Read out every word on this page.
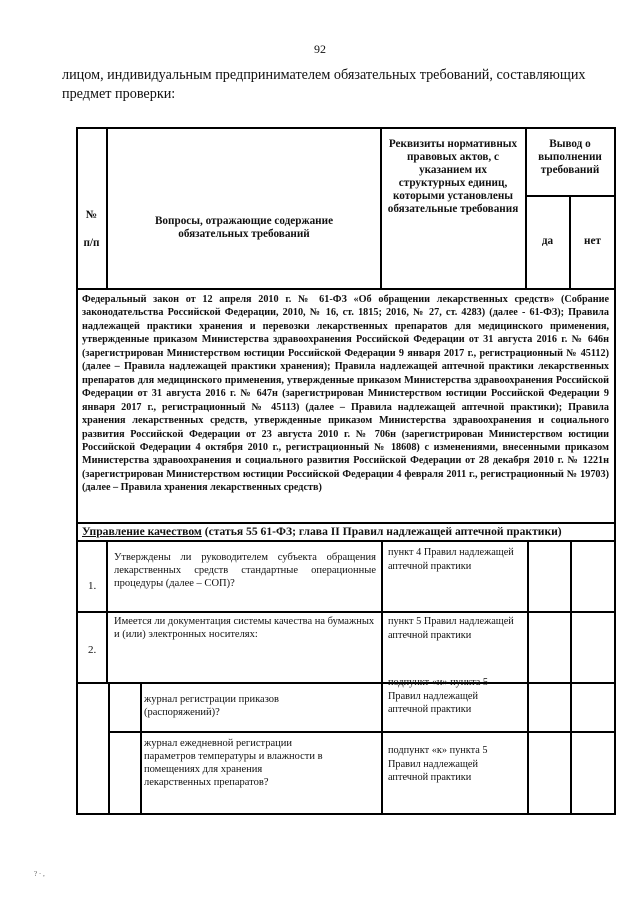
92
лицом, индивидуальным предпринимателем обязательных требований, составляющих предмет проверки:
№
п/п
Вопросы, отражающие содержание обязательных требований
Реквизиты нормативных правовых актов, с указанием их структурных единиц, которыми установлены обязательные требования
Вывод о выполнении требований
да	нет
Федеральный закон от 12 апреля 2010 г. № 61-ФЗ «Об обращении лекарственных средств» (Собрание законодательства Российской Федерации, 2010, № 16, ст. 1815; 2016, № 27, ст. 4283) (далее - 61-ФЗ); Правила надлежащей практики хранения и перевозки лекарственных препаратов для медицинского применения, утвержденные приказом Министерства здравоохранения Российской Федерации от 31 августа 2016 г. № 646н (зарегистрирован Министерством юстиции Российской Федерации 9 января 2017 г., регистрационный № 45112) (далее – Правила надлежащей практики хранения); Правила надлежащей аптечной практики лекарственных препаратов для медицинского применения, утвержденные приказом Министерства здравоохранения Российской Федерации от 31 августа 2016 г. № 647н (зарегистрирован Министерством юстиции Российской Федерации 9 января 2017 г., регистрационный № 45113) (далее – Правила надлежащей аптечной практики); Правила хранения лекарственных средств, утвержденные приказом Министерства здравоохранения и социального развития Российской Федерации от 23 августа 2010 г. № 706н (зарегистрирован Министерством юстиции Российской Федерации 4 октября 2010 г., регистрационный № 18608) с изменениями, внесенными приказом Министерства здравоохранения и социального развития Российской Федерации от 28 декабря 2010 г. № 1221н (зарегистрирован Министерством юстиции Российской Федерации 4 февраля 2011 г., регистрационный № 19703) (далее – Правила хранения лекарственных средств)
Управление качеством (статья 55 61-ФЗ; глава II Правил надлежащей аптечной практики)
1.
Утверждены ли руководителем субъекта обращения лекарственных средств стандартные операционные процедуры (далее – СОП)?
пункт 4 Правил надлежащей аптечной практики
2.
Имеется ли документация системы качества на бумажных и (или) электронных носителях:
пункт 5 Правил надлежащей аптечной практики
журнал регистрации приказов (распоряжений)?
подпункт «и» пункта 5 Правил надлежащей аптечной практики
журнал ежедневной регистрации параметров температуры и влажности в помещениях для хранения лекарственных препаратов?
подпункт «к» пункта 5 Правил надлежащей аптечной практики
? · ,
